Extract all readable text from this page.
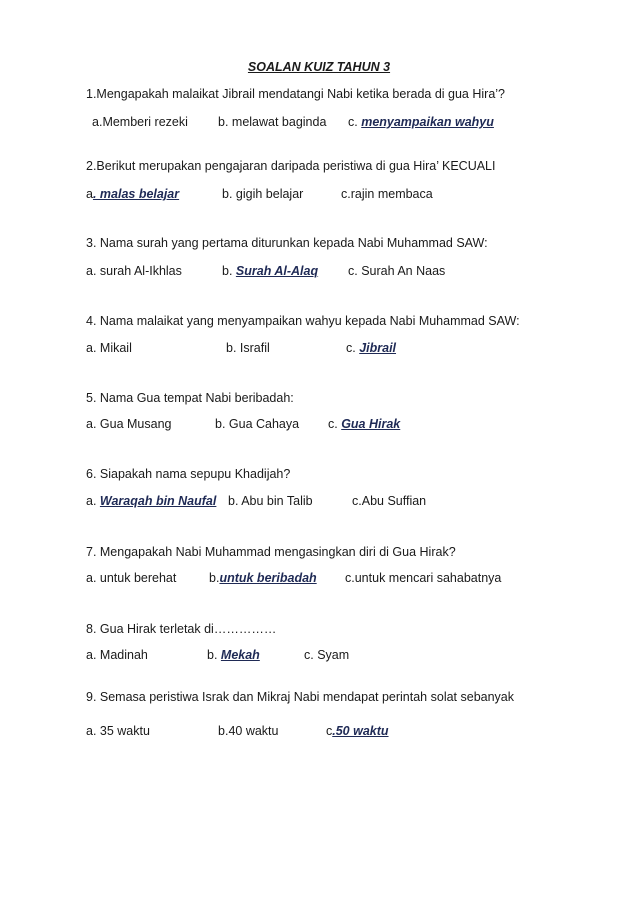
SOALAN KUIZ TAHUN 3
1.Mengapakah malaikat Jibrail mendatangi Nabi ketika berada di gua Hira’?
a.Memberi rezeki b. melawat baginda c. menyampaikan wahyu
2.Berikut merupakan pengajaran daripada peristiwa di gua Hira’ KECUALI
a. malas belajar	b. gigih belajar	c.rajin membaca
3. Nama surah yang pertama diturunkan kepada Nabi Muhammad SAW:
a. surah Al-Ikhlas	b. Surah Al-Alaq c. Surah An Naas
4. Nama malaikat yang menyampaikan wahyu kepada Nabi Muhammad SAW:
a. Mikail	b. Israfil	c. Jibrail
5. Nama Gua tempat Nabi beribadah:
a. Gua Musang	b. Gua Cahaya c. Gua Hirak
6. Siapakah nama sepupu Khadijah?
a. Waraqah bin Naufal b. Abu bin Talib	c.Abu Suffian
7. Mengapakah Nabi Muhammad mengasingkan diri di Gua Hirak?
a. untuk berehat	b.untuk beribadah c.untuk mencari sahabatnya
8. Gua Hirak terletak di……………
a. Madinah	b. Mekah	c. Syam
9. Semasa peristiwa Israk dan Mikraj Nabi mendapat perintah solat sebanyak
a. 35 waktu	b.40 waktu	c.50 waktu
